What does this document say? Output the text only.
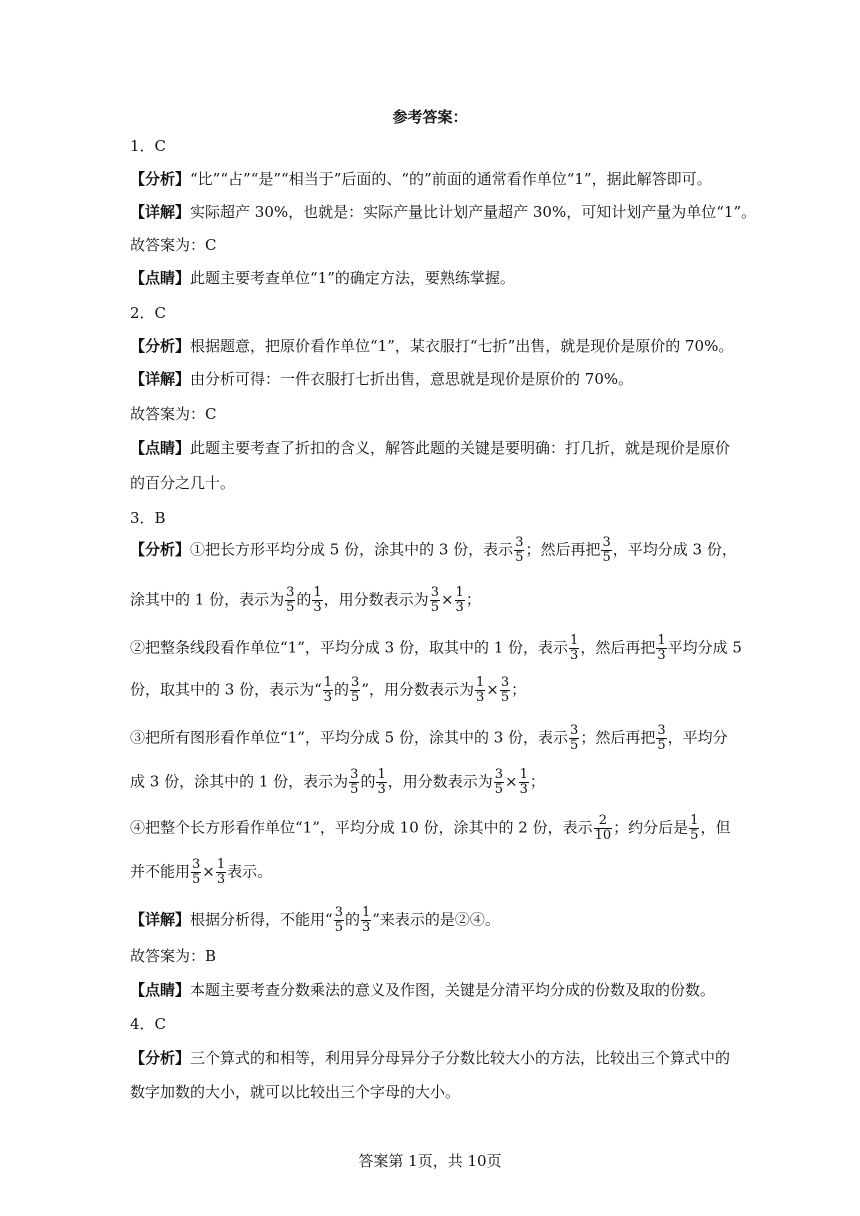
参考答案：
1．C
【分析】“比”“占”“是”“相当于”后面的、“的”前面的通常看作单位“1”，据此解答即可。
【详解】实际超产 30%，也就是：实际产量比计划产量超产 30%，可知计划产量为单位“1”。
故答案为：C
【点睛】此题主要考查单位“1”的确定方法，要熟练掌握。
2．C
【分析】根据题意，把原价看作单位“1”，某衣服打“七折”出售，就是现价是原价的 70%。
【详解】由分析可得：一件衣服打七折出售，意思就是现价是原价的 70%。
故答案为：C
【点睛】此题主要考查了折扣的含义，解答此题的关键是要明确：打几折，就是现价是原价
的百分之几十。
3．B
【分析】①把长方形平均分成 5 份，涂其中的 3 份，表示 $\frac{3}{5}$ ；然后再把 $\frac{3}{5}$ ，平均分成 3 份，
涂其中的 1 份，表示为 $\frac{3}{5}$ 的 $\frac{1}{3}$ ，用分数表示为 $\frac{3}{5} \times \frac{1}{3}$ ；
②把整条线段看作单位“1”，平均分成 3 份，取其中的 1 份，表示 $\frac{1}{3}$ ，然后再把 $\frac{1}{3}$ 平均分成 5
份，取其中的 3 份，表示为“ $\frac{1}{3}$ 的 $\frac{3}{5}$ ”，用分数表示为 $\frac{1}{3} \times \frac{3}{5}$ ；
③把所有图形看作单位“1”，平均分成 5 份，涂其中的 3 份，表示 $\frac{3}{5}$ ；然后再把 $\frac{3}{5}$ ，平均分
成 3 份，涂其中的 1 份，表示为 $\frac{3}{5}$ 的 $\frac{1}{3}$ ，用分数表示为 $\frac{3}{5} \times \frac{1}{3}$ ；
④把整个长方形看作单位“1”，平均分成 10 份，涂其中的 2 份，表示 $\frac{2}{10}$ ；约分后是 $\frac{1}{5}$ ，但
并不能用 $\frac{3}{5} \times \frac{1}{3}$ 表示。
【详解】根据分析得，不能用“ $\frac{3}{5}$ 的 $\frac{1}{3}$ ”来表示的是②④。
故答案为：B
【点睛】本题主要考查分数乘法的意义及作图，关键是分清平均分成的份数及取的份数。
4．C
【分析】三个算式的和相等，利用异分母异分子分数比较大小的方法，比较出三个算式中的
数字加数的大小，就可以比较出三个字母的大小。
答案第 1页，共 10页
